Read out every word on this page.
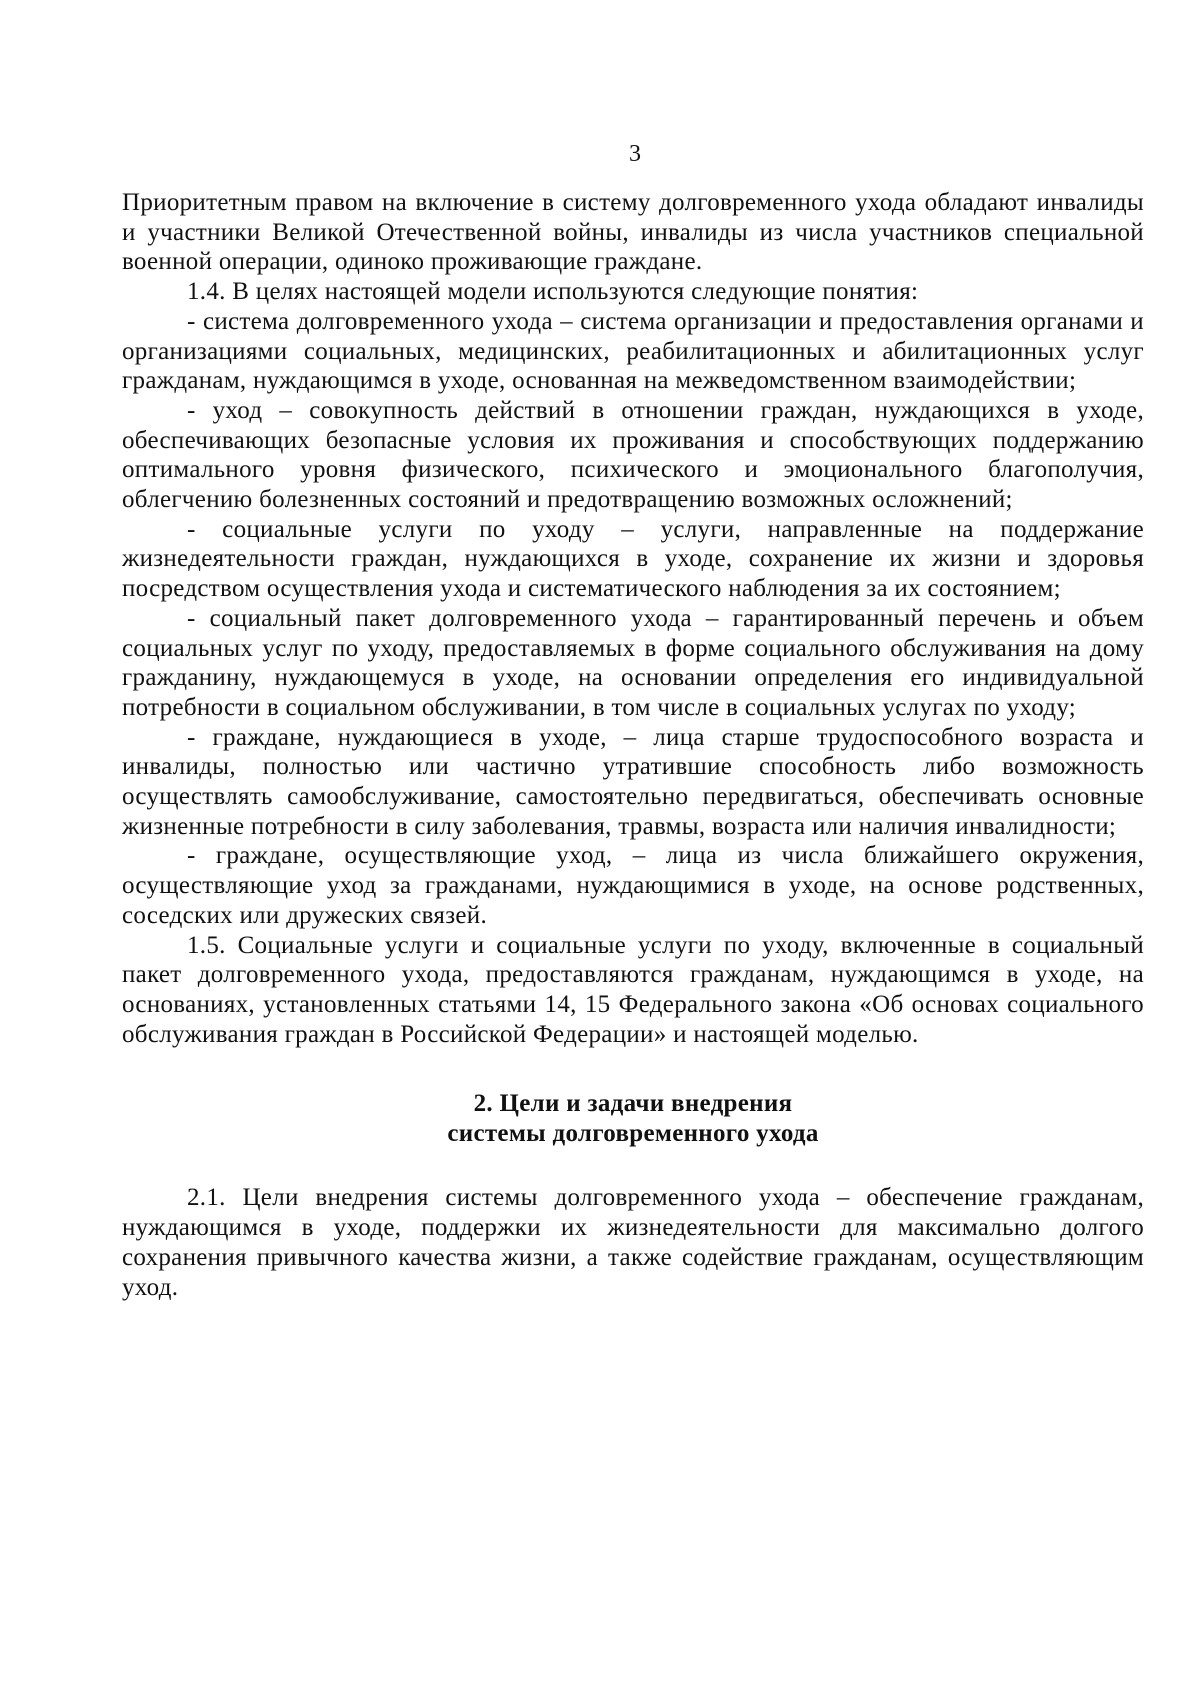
3

Приоритетным правом на включение в систему долговременного ухода обладают инвалиды и участники Великой Отечественной войны, инвалиды из числа участников специальной военной операции, одиноко проживающие граждане.

1.4. В целях настоящей модели используются следующие понятия:

- система долговременного ухода – система организации и предоставления органами и организациями социальных, медицинских, реабилитационных и абилитационных услуг гражданам, нуждающимся в уходе, основанная на межведомственном взаимодействии;

- уход – совокупность действий в отношении граждан, нуждающихся в уходе, обеспечивающих безопасные условия их проживания и способствующих поддержанию оптимального уровня физического, психического и эмоционального благополучия, облегчению болезненных состояний и предотвращению возможных осложнений;

- социальные услуги по уходу – услуги, направленные на поддержание жизнедеятельности граждан, нуждающихся в уходе, сохранение их жизни и здоровья посредством осуществления ухода и систематического наблюдения за их состоянием;

- социальный пакет долговременного ухода – гарантированный перечень и объем социальных услуг по уходу, предоставляемых в форме социального обслуживания на дому гражданину, нуждающемуся в уходе, на основании определения его индивидуальной потребности в социальном обслуживании, в том числе в социальных услугах по уходу;

- граждане, нуждающиеся в уходе, – лица старше трудоспособного возраста и инвалиды, полностью или частично утратившие способность либо возможность осуществлять самообслуживание, самостоятельно передвигаться, обеспечивать основные жизненные потребности в силу заболевания, травмы, возраста или наличия инвалидности;

- граждане, осуществляющие уход, – лица из числа ближайшего окружения, осуществляющие уход за гражданами, нуждающимися в уходе, на основе родственных, соседских или дружеских связей.

1.5. Социальные услуги и социальные услуги по уходу, включенные в социальный пакет долговременного ухода, предоставляются гражданам, нуждающимся в уходе, на основаниях, установленных статьями 14, 15 Федерального закона «Об основах социального обслуживания граждан в Российской Федерации» и настоящей моделью.

2. Цели и задачи внедрения
системы долговременного ухода

2.1. Цели внедрения системы долговременного ухода – обеспечение гражданам, нуждающимся в уходе, поддержки их жизнедеятельности для максимально долгого сохранения привычного качества жизни, а также содействие гражданам, осуществляющим уход.
